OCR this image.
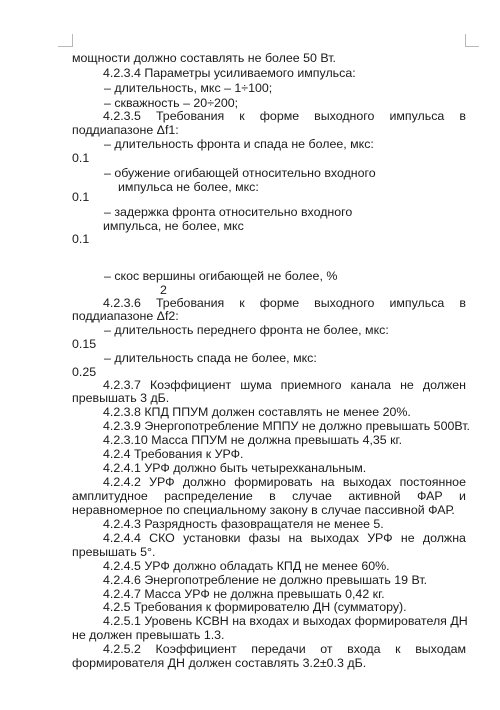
мощности должно составлять не более 50 Вт.
4.2.3.4 Параметры усиливаемого импульса:
– длительность, мкс – 1÷100;
– скважность – 20÷200;
4.2.3.5 Требования к форме выходного импульса в
поддиапазоне Δf1:
– длительность фронта и спада не более, мкс:
0.1
– обужение огибающей относительно входного
импульса не более, мкс:
0.1
– задержка фронта относительно входного
импульса, не более, мкс
0.1
– скос вершины огибающей не более, %
2
4.2.3.6 Требования к форме выходного импульса в
поддиапазоне Δf2:
– длительность переднего фронта не более, мкс:
0.15
– длительность спада не более, мкс:
0.25
4.2.3.7 Коэффициент шума приемного канала не должен
превышать 3 дБ.
4.2.3.8 КПД ППУМ должен составлять не менее 20%.
4.2.3.9 Энергопотребление МППУ не должно превышать 500Вт.
4.2.3.10 Масса ППУМ не должна превышать 4,35 кг.
4.2.4 Требования к УРФ.
4.2.4.1 УРФ должно быть четырехканальным.
4.2.4.2 УРФ должно формировать на выходах постоянное
амплитудное распределение в случае активной ФАР и
неравномерное по специальному закону в случае пассивной ФАР.
4.2.4.3 Разрядность фазовращателя не менее 5.
4.2.4.4 СКО установки фазы на выходах УРФ не должна
превышать 5°.
4.2.4.5 УРФ должно обладать КПД не менее 60%.
4.2.4.6 Энергопотребление не должно превышать 19 Вт.
4.2.4.7 Масса УРФ не должна превышать 0,42 кг.
4.2.5 Требования к формирователю ДН (сумматору).
4.2.5.1 Уровень КСВН на входах и выходах формирователя ДН
не должен превышать 1.3.
4.2.5.2 Коэффициент передачи от входа к выходам
формирователя ДН должен составлять 3.2±0.3 дБ.
